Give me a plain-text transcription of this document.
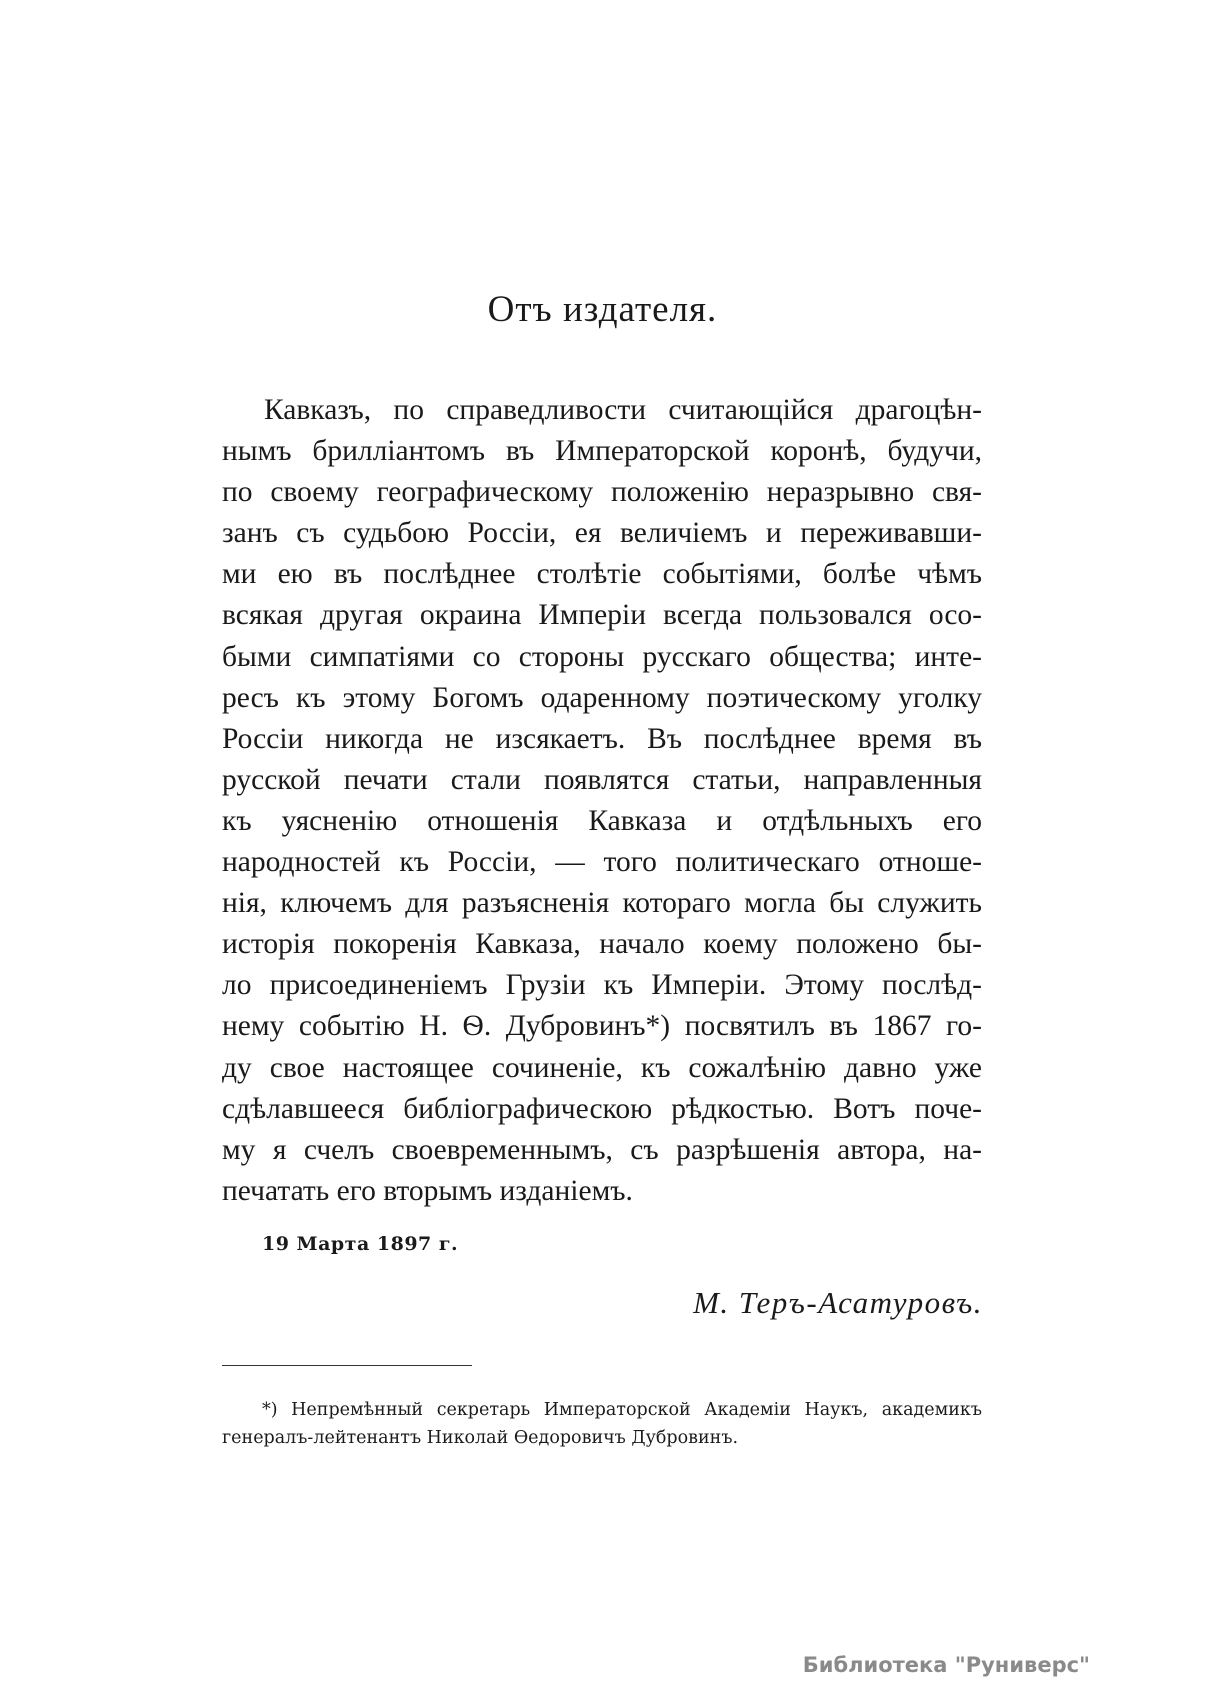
Отъ издателя.
Кавказъ, по справедливости считающійся драгоцѣн-
нымъ брилліантомъ въ Императорской коронѣ, будучи,
по своему географическому положенію неразрывно свя-
занъ съ судьбою Россіи, ея величіемъ и переживавши-
ми ею въ послѣднее столѣтіе событіями, болѣе чѣмъ
всякая другая окраина Имперіи всегда пользовался осо-
быми симпатіями со стороны русскаго общества; инте-
ресъ къ этому Богомъ одаренному поэтическому уголку
Россіи никогда не изсякаетъ. Въ послѣднее время въ
русской печати стали появлятся статьи, направленныя
къ уясненію отношенія Кавказа и отдѣльныхъ его
народностей къ Россіи, — того политическаго отноше-
нія, ключемъ для разъясненія котораго могла бы служить
исторія покоренія Кавказа, начало коему положено бы-
ло присоединеніемъ Грузіи къ Имперіи. Этому послѣд-
нему событію Н. Ѳ. Дубровинъ*) посвятилъ въ 1867 го-
ду свое настоящее сочиненіе, къ сожалѣнію давно уже
сдѣлавшееся библіографическою рѣдкостью. Вотъ поче-
му я счелъ своевременнымъ, съ разрѣшенія автора, на-
печатать его вторымъ изданіемъ.
19 Марта 1897 г.
М. Теръ-Асатуровъ.
*) Непремѣнный секретарь Императорской Академіи Наукъ, академикъ
генералъ-лейтенантъ Николай Ѳедоровичъ Дубровинъ.
Библиотека "Руниверс"
